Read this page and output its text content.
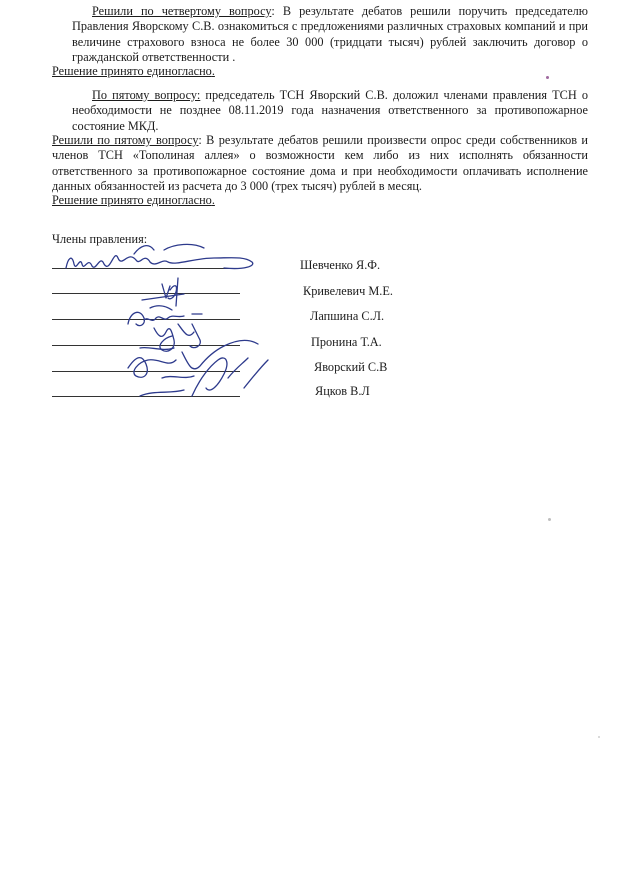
Решили по четвертому вопросу: В результате дебатов решили поручить председателю Правления Яворскому С.В. ознакомиться с предложениями различных страховых компаний и при величине страхового взноса не более 30 000 (тридцати тысяч) рублей заключить договор о гражданской ответственности .
Решение принято единогласно.
По пятому вопросу: председатель ТСН Яворский С.В. доложил членами правления ТСН о необходимости не позднее 08.11.2019 года назначения ответственного за противопожарное состояние МКД.
Решили по пятому вопросу: В результате дебатов решили произвести опрос среди собственников и членов ТСН «Тополиная аллея» о возможности кем либо из них исполнять обязанности ответственного за противопожарное состояние дома и при необходимости оплачивать исполнение данных обязанностей из расчета до 3 000 (трех тысяч) рублей в месяц.
Решение принято единогласно.
Члены правления:
Шевченко Я.Ф.
Кривелевич М.Е.
Лапшина С.Л.
Пронина Т.А.
Яворский С.В
Яцков В.Л
